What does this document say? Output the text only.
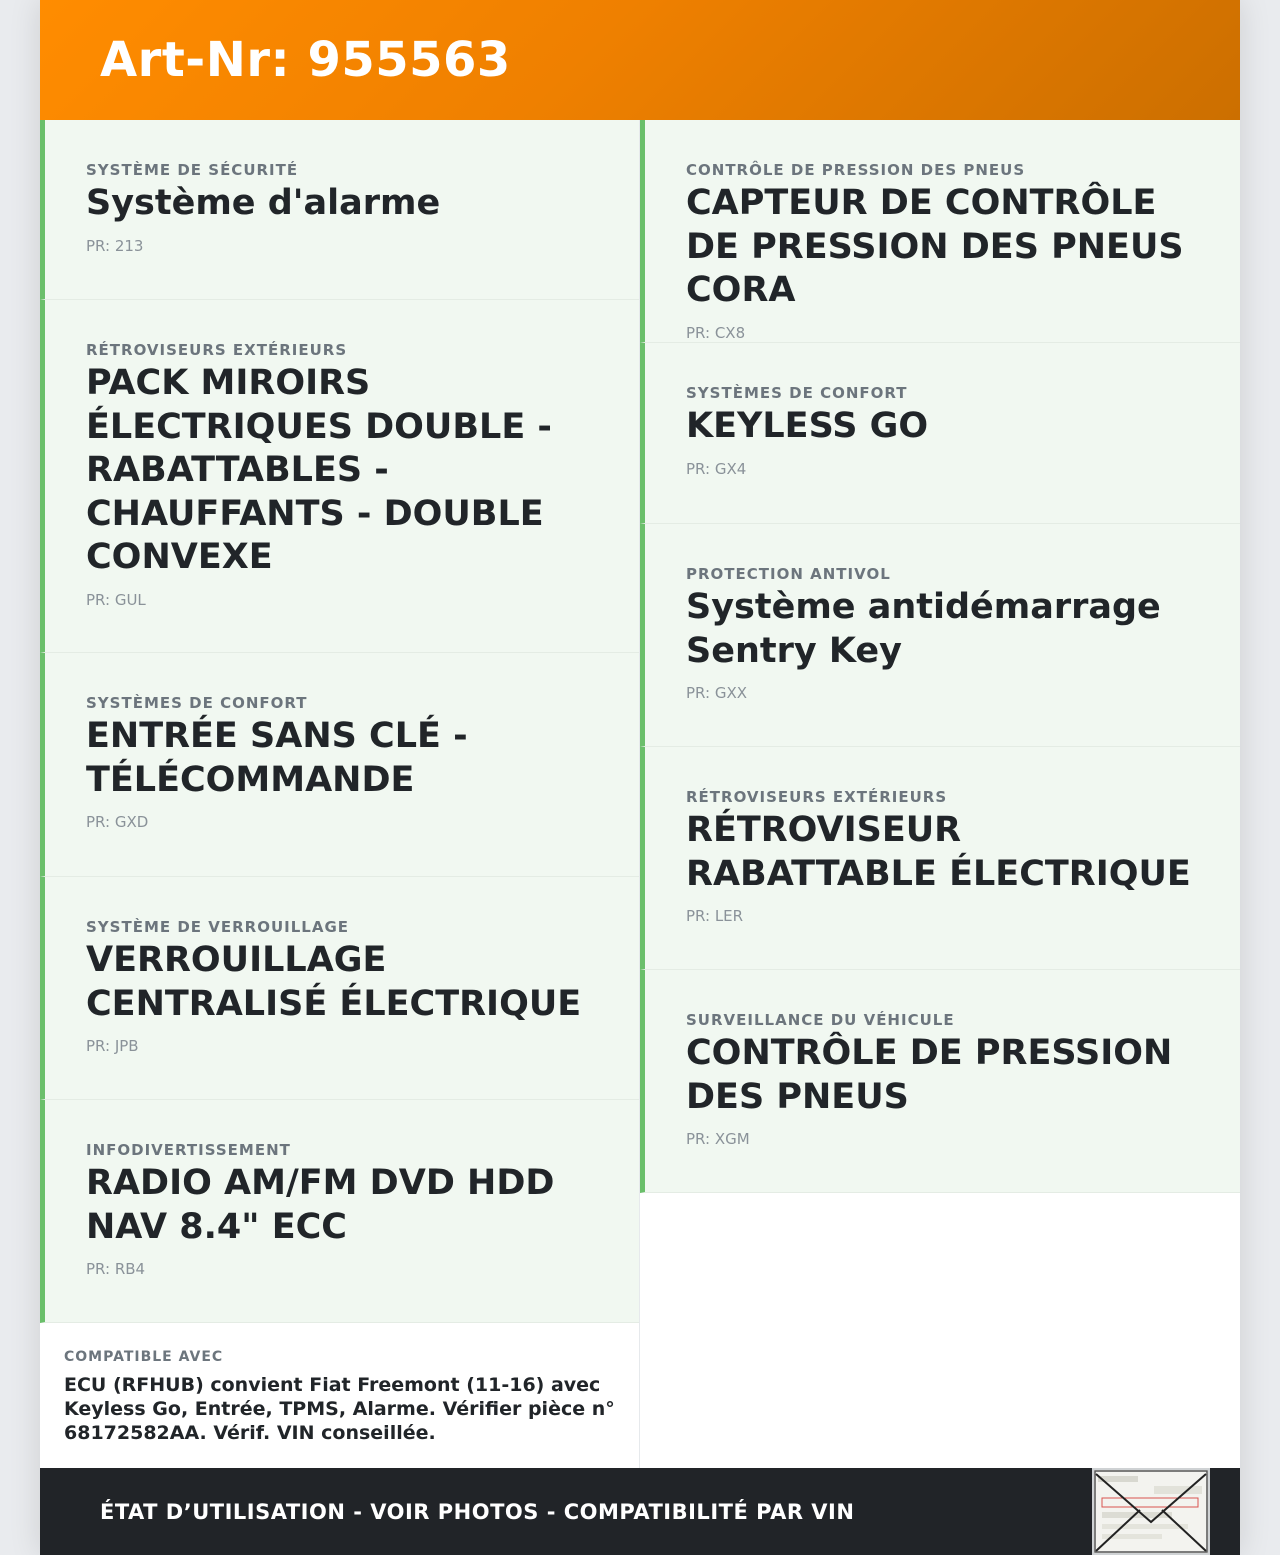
Art-Nr: 955563
SYSTÈME DE SÉCURITÉ
Système d'alarme
PR: 213
RÉTROVISEURS EXTÉRIEURS
PACK MIROIRS ÉLECTRIQUES DOUBLE - RABATTABLES - CHAUFFANTS - DOUBLE CONVEXE
PR: GUL
SYSTÈMES DE CONFORT
ENTRÉE SANS CLÉ - TÉLÉCOMMANDE
PR: GXD
SYSTÈME DE VERROUILLAGE
VERROUILLAGE CENTRALISÉ ÉLECTRIQUE
PR: JPB
INFODIVERTISSEMENT
RADIO AM/FM DVD HDD NAV 8.4" ECC
PR: RB4
COMPATIBLE AVEC
ECU (RFHUB) convient Fiat Freemont (11-16) avec Keyless Go, Entrée, TPMS, Alarme. Vérifier pièce n° 68172582AA. Vérif. VIN conseillée.
CONTRÔLE DE PRESSION DES PNEUS
CAPTEUR DE CONTRÔLE DE PRESSION DES PNEUS CORA
PR: CX8
SYSTÈMES DE CONFORT
KEYLESS GO
PR: GX4
PROTECTION ANTIVOL
Système antidémarrage Sentry Key
PR: GXX
RÉTROVISEURS EXTÉRIEURS
RÉTROVISEUR RABATTABLE ÉLECTRIQUE
PR: LER
SURVEILLANCE DU VÉHICULE
CONTRÔLE DE PRESSION DES PNEUS
PR: XGM
ÉTAT D’UTILISATION - VOIR PHOTOS - COMPATIBILITÉ PAR VIN
